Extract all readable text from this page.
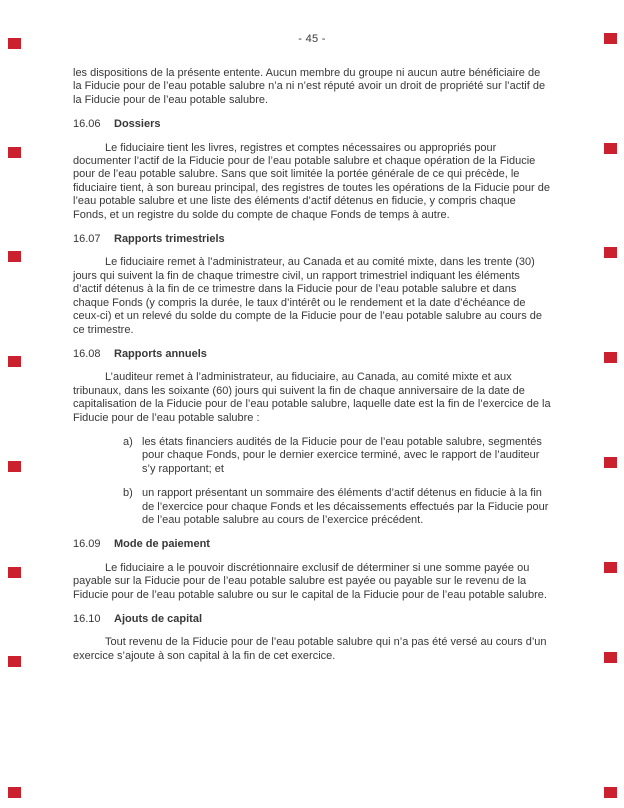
- 45 -

les dispositions de la présente entente. Aucun membre du groupe ni aucun autre bénéficiaire de la Fiducie pour de l’eau potable salubre n’a ni n’est réputé avoir un droit de propriété sur l’actif de la Fiducie pour de l’eau potable salubre.

16.06	Dossiers

Le fiduciaire tient les livres, registres et comptes nécessaires ou appropriés pour documenter l’actif de la Fiducie pour de l’eau potable salubre et chaque opération de la Fiducie pour de l’eau potable salubre. Sans que soit limitée la portée générale de ce qui précède, le fiduciaire tient, à son bureau principal, des registres de toutes les opérations de la Fiducie pour de l’eau potable salubre et une liste des éléments d’actif détenus en fiducie, y compris chaque Fonds, et un registre du solde du compte de chaque Fonds de temps à autre.

16.07	Rapports trimestriels

Le fiduciaire remet à l’administrateur, au Canada et au comité mixte, dans les trente (30) jours qui suivent la fin de chaque trimestre civil, un rapport trimestriel indiquant les éléments d’actif détenus à la fin de ce trimestre dans la Fiducie pour de l’eau potable salubre et dans chaque Fonds (y compris la durée, le taux d’intérêt ou le rendement et la date d’échéance de ceux-ci) et un relevé du solde du compte de la Fiducie pour de l’eau potable salubre au cours de ce trimestre.

16.08	Rapports annuels

L’auditeur remet à l’administrateur, au fiduciaire, au Canada, au comité mixte et aux tribunaux, dans les soixante (60) jours qui suivent la fin de chaque anniversaire de la date de capitalisation de la Fiducie pour de l’eau potable salubre, laquelle date est la fin de l’exercice de la Fiducie pour de l’eau potable salubre :

a) les états financiers audités de la Fiducie pour de l’eau potable salubre, segmentés pour chaque Fonds, pour le dernier exercice terminé, avec le rapport de l’auditeur s’y rapportant; et
b) un rapport présentant un sommaire des éléments d’actif détenus en fiducie à la fin de l’exercice pour chaque Fonds et les décaissements effectués par la Fiducie pour de l’eau potable salubre au cours de l’exercice précédent.
16.09	Mode de paiement

Le fiduciaire a le pouvoir discrétionnaire exclusif de déterminer si une somme payée ou payable sur la Fiducie pour de l’eau potable salubre est payée ou payable sur le revenu de la Fiducie pour de l’eau potable salubre ou sur le capital de la Fiducie pour de l’eau potable salubre.

16.10	Ajouts de capital

Tout revenu de la Fiducie pour de l’eau potable salubre qui n’a pas été versé au cours d’un exercice s’ajoute à son capital à la fin de cet exercice.
